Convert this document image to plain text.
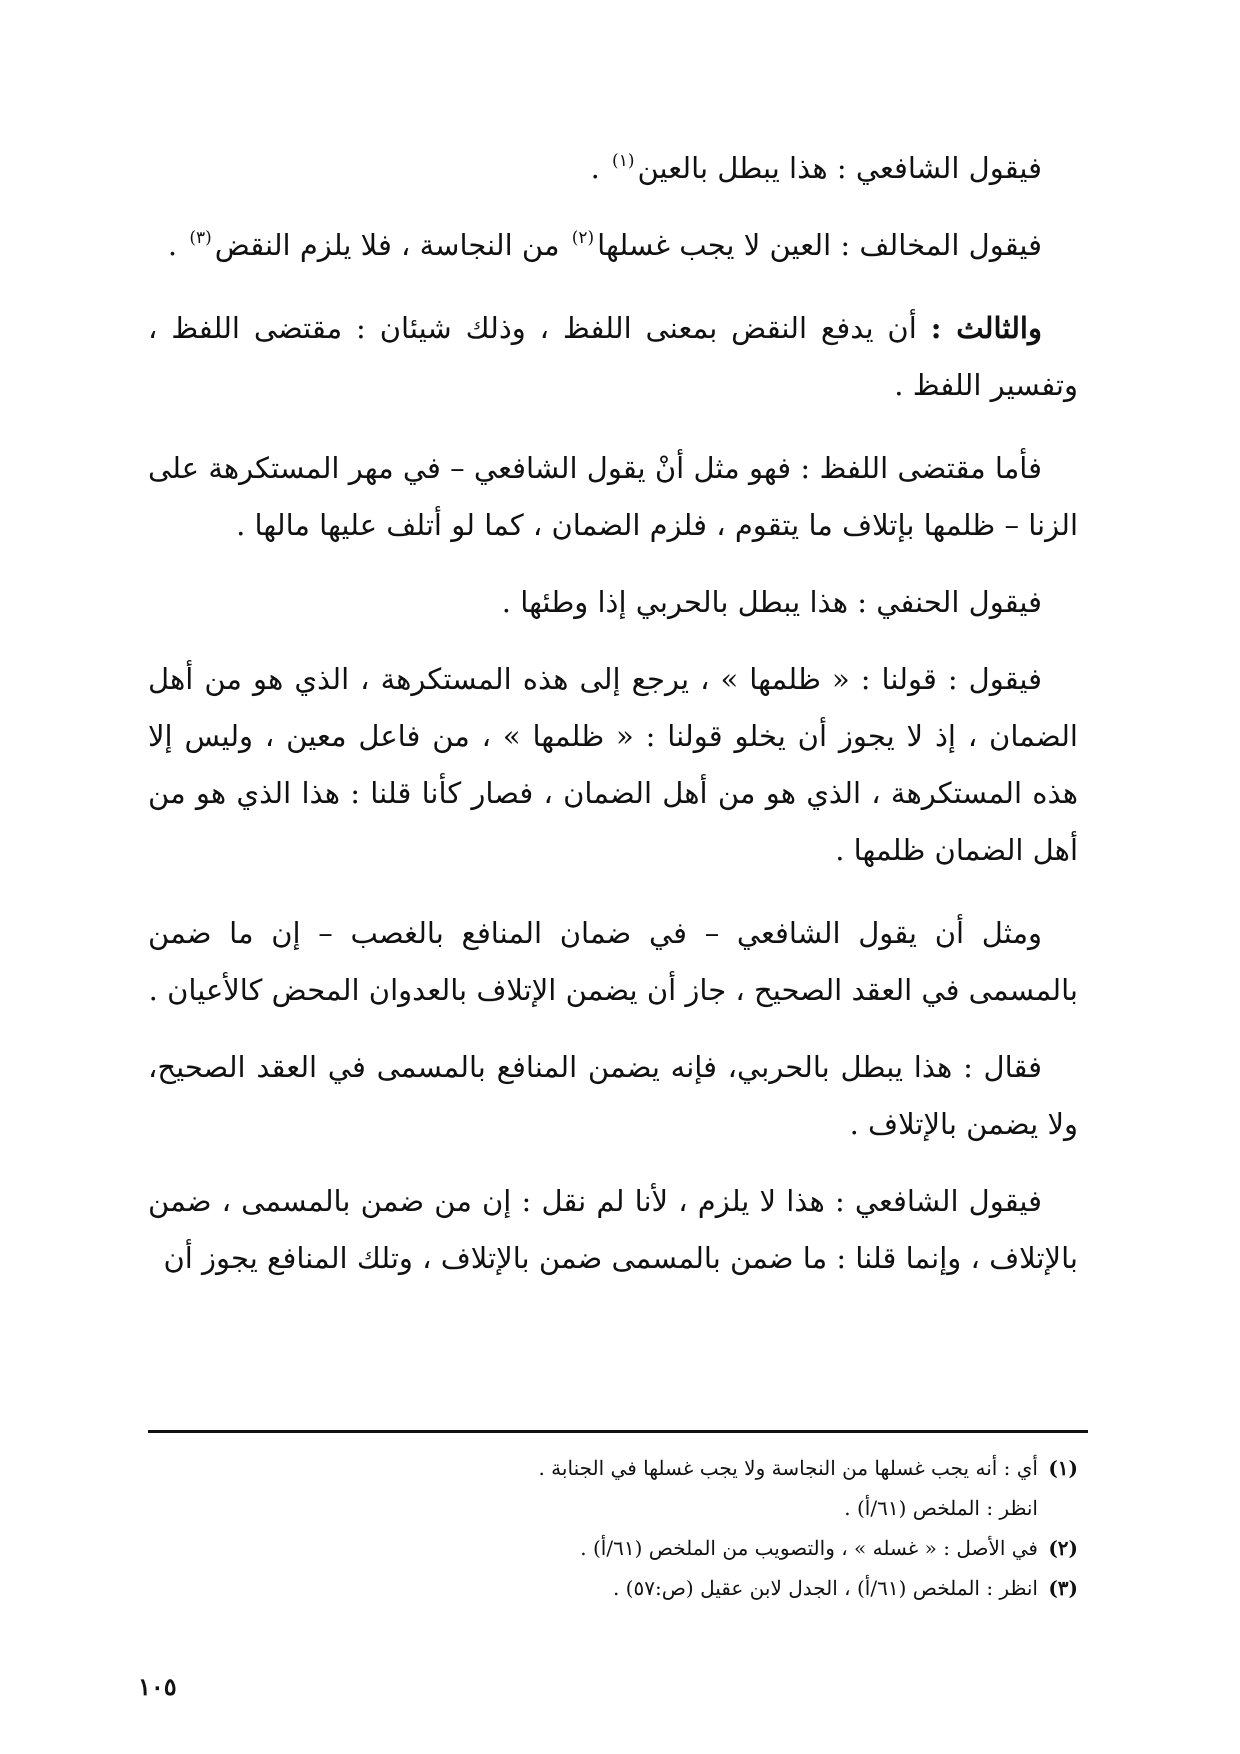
فيقول الشافعي : هذا يبطل بالعين$^{(١)}$ .

فيقول المخالف : العين لا يجب غسلها$^{(٢)}$ من النجاسة ، فلا يلزم النقض$^{(٣)}$ .

والثالث : أن يدفع النقض بمعنى اللفظ ، وذلك شيئان : مقتضى اللفظ ، وتفسير اللفظ .

فأما مقتضى اللفظ : فهو مثل أنْ يقول الشافعي – في مهر المستكرهة على الزنا – ظلمها بإتلاف ما يتقوم ، فلزم الضمان ، كما لو أتلف عليها مالها .

فيقول الحنفي : هذا يبطل بالحربي إذا وطئها .

فيقول : قولنا : « ظلمها » ، يرجع إلى هذه المستكرهة ، الذي هو من أهل الضمان ، إذ لا يجوز أن يخلو قولنا : « ظلمها » ، من فاعل معين ، وليس إلا هذه المستكرهة ، الذي هو من أهل الضمان ، فصار كأنا قلنا : هذا الذي هو من أهل الضمان ظلمها .

ومثل أن يقول الشافعي – في ضمان المنافع بالغصب – إن ما ضمن بالمسمى في العقد الصحيح ، جاز أن يضمن الإتلاف بالعدوان المحض كالأعيان .

فقال : هذا يبطل بالحربي، فإنه يضمن المنافع بالمسمى في العقد الصحيح، ولا يضمن بالإتلاف .

فيقول الشافعي : هذا لا يلزم ، لأنا لم نقل : إن من ضمن بالمسمى ، ضمن بالإتلاف ، وإنما قلنا : ما ضمن بالمسمى ضمن بالإتلاف ، وتلك المنافع يجوز أن

(١)أي : أنه يجب غسلها من النجاسة ولا يجب غسلها في الجنابة .

انظر : الملخص (٦١/أ) .

(٢)في الأصل : « غسله » ، والتصويب من الملخص (٦١/أ) .

(٣)انظر : الملخص (٦١/أ) ، الجدل لابن عقيل (ص:٥٧) .

١٠٥
